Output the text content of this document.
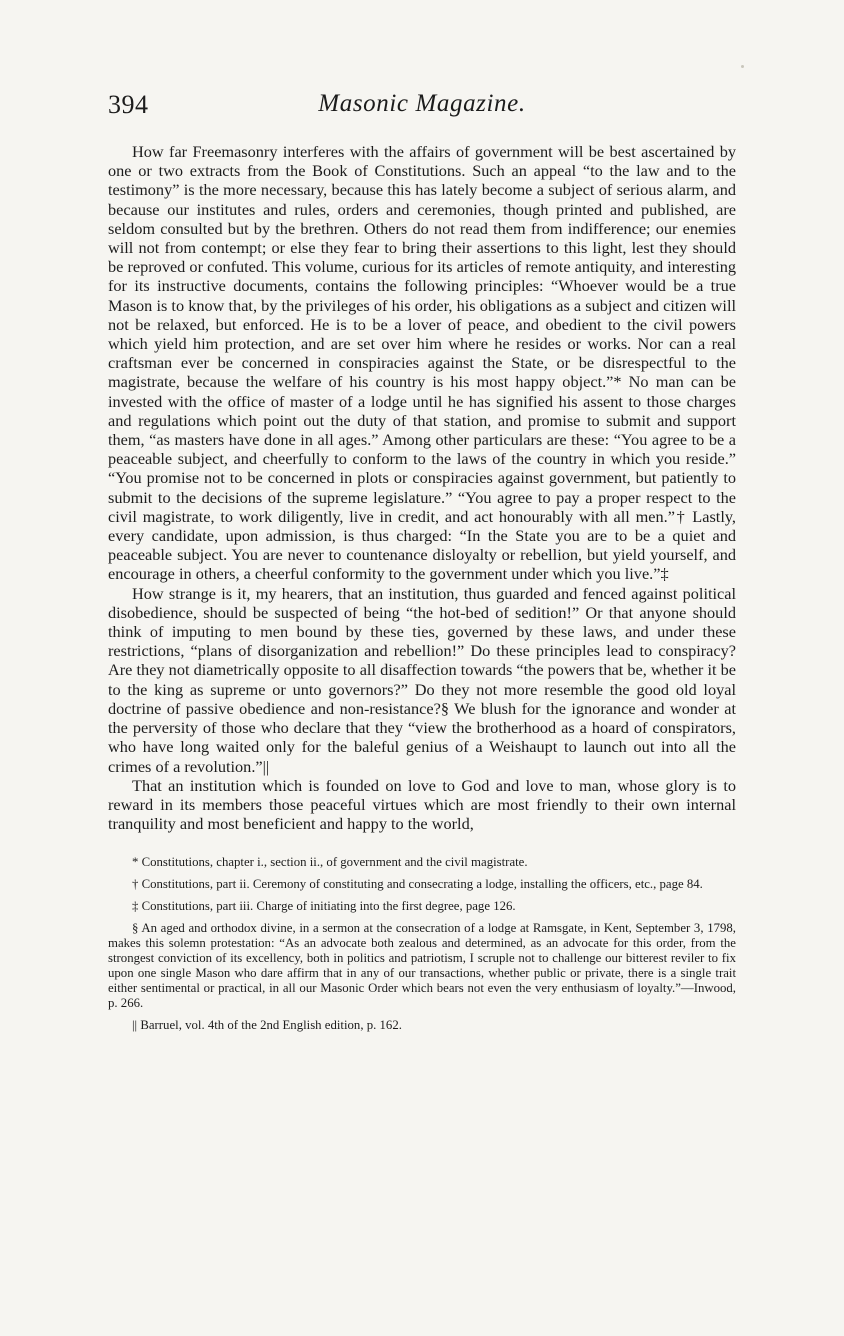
394	Masonic Magazine.

How far Freemasonry interferes with the affairs of government will be best ascertained by one or two extracts from the Book of Constitutions. Such an appeal “to the law and to the testimony” is the more necessary, because this has lately become a subject of serious alarm, and because our institutes and rules, orders and ceremonies, though printed and published, are seldom consulted but by the brethren. Others do not read them from indifference; our enemies will not from contempt; or else they fear to bring their assertions to this light, lest they should be reproved or confuted. This volume, curious for its articles of remote antiquity, and interesting for its instructive documents, contains the following principles: “Whoever would be a true Mason is to know that, by the privileges of his order, his obligations as a subject and citizen will not be relaxed, but enforced. He is to be a lover of peace, and obedient to the civil powers which yield him protection, and are set over him where he resides or works. Nor can a real craftsman ever be concerned in conspiracies against the State, or be disrespectful to the magistrate, because the welfare of his country is his most happy object.”* No man can be invested with the office of master of a lodge until he has signified his assent to those charges and regulations which point out the duty of that station, and promise to submit and support them, “as masters have done in all ages.” Among other particulars are these: “You agree to be a peaceable subject, and cheerfully to conform to the laws of the country in which you reside.” “You promise not to be concerned in plots or conspiracies against government, but patiently to submit to the decisions of the supreme legislature.” “You agree to pay a proper respect to the civil magistrate, to work diligently, live in credit, and act honourably with all men.”† Lastly, every candidate, upon admission, is thus charged: “In the State you are to be a quiet and peaceable subject. You are never to countenance disloyalty or rebellion, but yield yourself, and encourage in others, a cheerful conformity to the government under which you live.”‡

How strange is it, my hearers, that an institution, thus guarded and fenced against political disobedience, should be suspected of being “the hot-bed of sedition!” Or that anyone should think of imputing to men bound by these ties, governed by these laws, and under these restrictions, “plans of disorganization and rebellion!” Do these principles lead to conspiracy? Are they not diametrically opposite to all disaffection towards “the powers that be, whether it be to the king as supreme or unto governors?” Do they not more resemble the good old loyal doctrine of passive obedience and non-resistance?§ We blush for the ignorance and wonder at the perversity of those who declare that they “view the brotherhood as a hoard of conspirators, who have long waited only for the baleful genius of a Weishaupt to launch out into all the crimes of a revolution.”||

That an institution which is founded on love to God and love to man, whose glory is to reward in its members those peaceful virtues which are most friendly to their own internal tranquility and most beneficient and happy to the world,

* Constitutions, chapter i., section ii., of government and the civil magistrate.

† Constitutions, part ii. Ceremony of constituting and consecrating a lodge, installing the officers, etc., page 84.

‡ Constitutions, part iii. Charge of initiating into the first degree, page 126.

§ An aged and orthodox divine, in a sermon at the consecration of a lodge at Ramsgate, in Kent, September 3, 1798, makes this solemn protestation: “As an advocate both zealous and determined, as an advocate for this order, from the strongest conviction of its excellency, both in politics and patriotism, I scruple not to challenge our bitterest reviler to fix upon one single Mason who dare affirm that in any of our transactions, whether public or private, there is a single trait either sentimental or practical, in all our Masonic Order which bears not even the very enthusiasm of loyalty.”—Inwood, p. 266.

|| Barruel, vol. 4th of the 2nd English edition, p. 162.
